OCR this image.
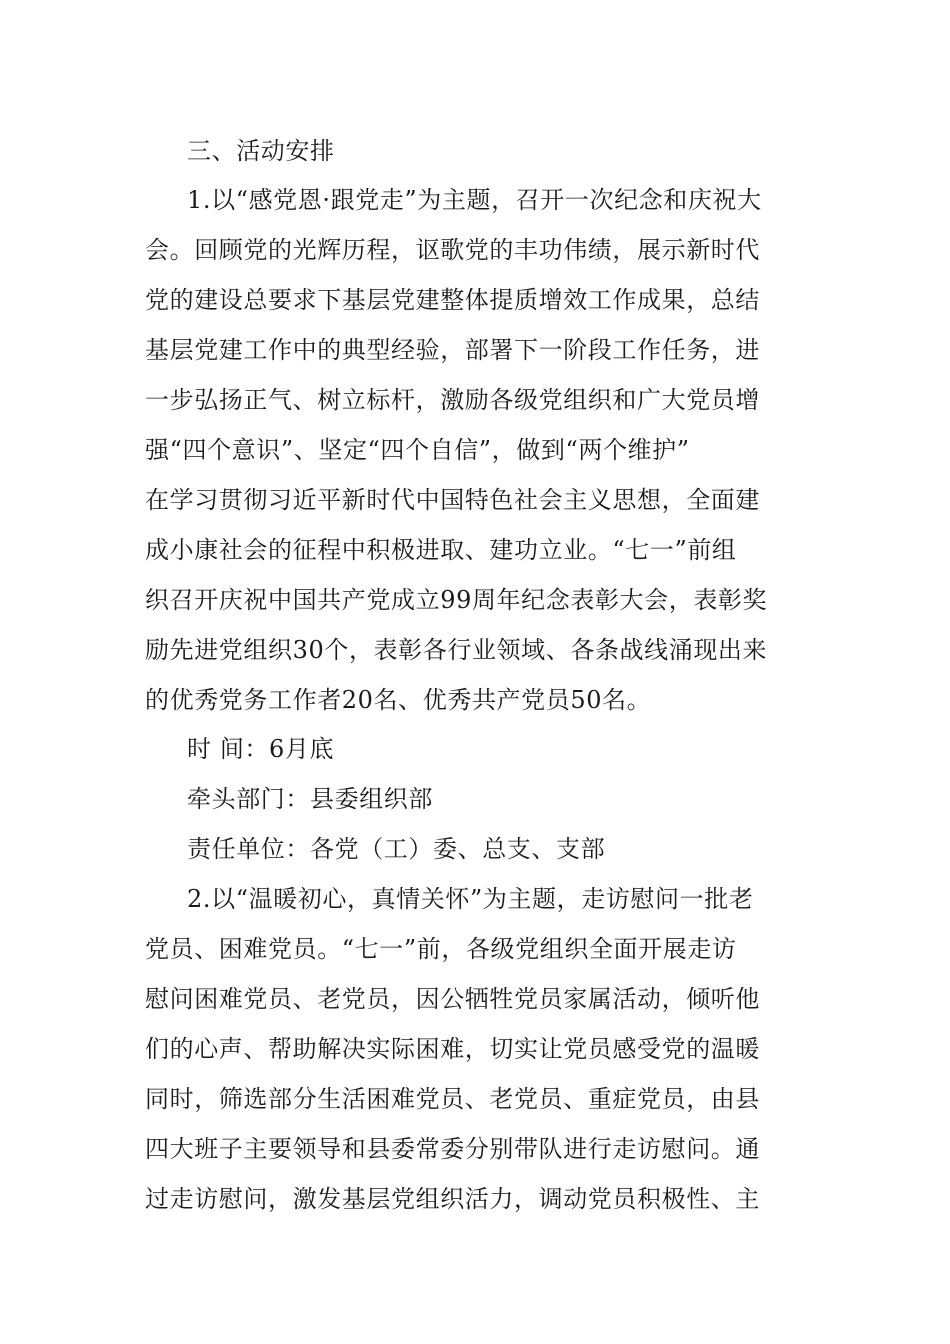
三、活动安排
1.以“感党恩·跟党走”为主题，召开一次纪念和庆祝大
会。回顾党的光辉历程，讴歌党的丰功伟绩，展示新时代
党的建设总要求下基层党建整体提质增效工作成果，总结
基层党建工作中的典型经验，部署下一阶段工作任务，进
一步弘扬正气、树立标杆，激励各级党组织和广大党员增
强“四个意识”、坚定“四个自信”，做到“两个维护”
在学习贯彻习近平新时代中国特色社会主义思想，全面建
成小康社会的征程中积极进取、建功立业。“七一”前组
织召开庆祝中国共产党成立99周年纪念表彰大会，表彰奖
励先进党组织30个，表彰各行业领域、各条战线涌现出来
的优秀党务工作者20名、优秀共产党员50名。
时 间：6月底
牵头部门：县委组织部
责任单位：各党（工）委、总支、支部
2.以“温暖初心，真情关怀”为主题，走访慰问一批老
党员、困难党员。“七一”前，各级党组织全面开展走访
慰问困难党员、老党员，因公牺牲党员家属活动，倾听他
们的心声、帮助解决实际困难，切实让党员感受党的温暖
同时，筛选部分生活困难党员、老党员、重症党员，由县
四大班子主要领导和县委常委分别带队进行走访慰问。通
过走访慰问，激发基层党组织活力，调动党员积极性、主
